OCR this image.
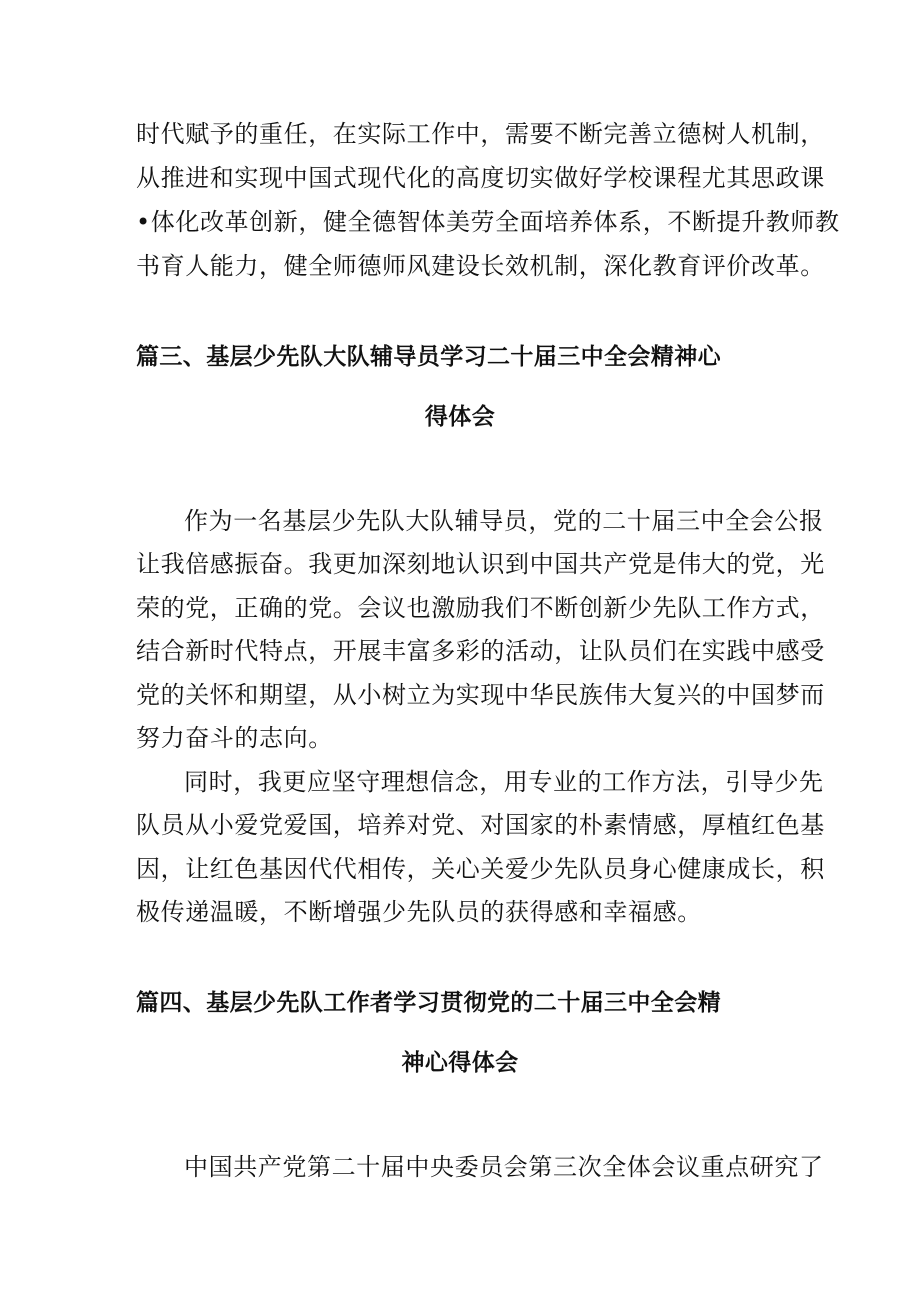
时代赋予的重任，在实际工作中，需要不断完善立德树人机制，
从推进和实现中国式现代化的高度切实做好学校课程尤其思政课
•体化改革创新，健全德智体美劳全面培养体系，不断提升教师教
书育人能力，健全师德师风建设长效机制，深化教育评价改革。
篇三、基层少先队大队辅导员学习二十届三中全会精神心
得体会
作为一名基层少先队大队辅导员，党的二十届三中全会公报
让我倍感振奋。我更加深刻地认识到中国共产党是伟大的党，光
荣的党，正确的党。会议也激励我们不断创新少先队工作方式，
结合新时代特点，开展丰富多彩的活动，让队员们在实践中感受
党的关怀和期望，从小树立为实现中华民族伟大复兴的中国梦而
努力奋斗的志向。
同时，我更应坚守理想信念，用专业的工作方法，引导少先
队员从小爱党爱国，培养对党、对国家的朴素情感，厚植红色基
因，让红色基因代代相传，关心关爱少先队员身心健康成长，积
极传递温暖，不断增强少先队员的获得感和幸福感。
篇四、基层少先队工作者学习贯彻党的二十届三中全会精
神心得体会
中国共产党第二十届中央委员会第三次全体会议重点研究了
